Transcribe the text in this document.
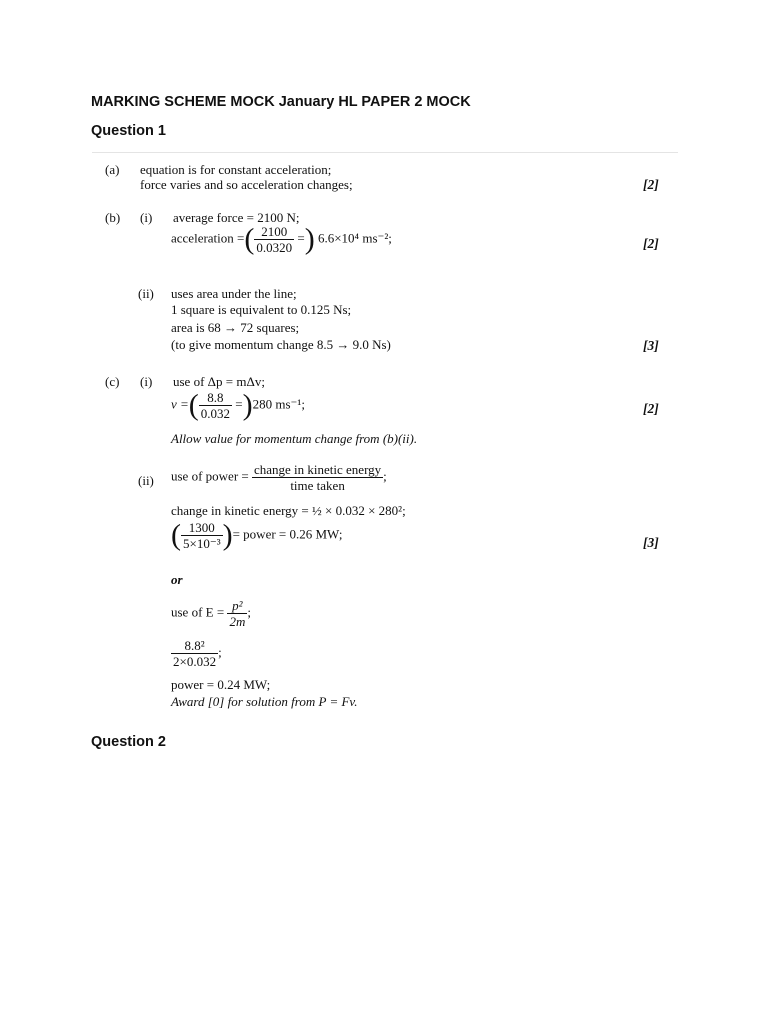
MARKING SCHEME MOCK January HL PAPER 2 MOCK
Question 1
(a) equation is for constant acceleration;
force varies and so acceleration changes;	[2]
(b) (i) average force = 2100 N;
acceleration =( $\frac{2100}{0.0320}$ =) 6.6×10⁴ ms⁻²;	[2]
(ii) uses area under the line;
1 square is equivalent to 0.125 Ns;
area is 68 → 72 squares;
(to give momentum change 8.5 → 9.0 Ns)	[3]
(c) (i) use of Δp = mΔv;
v =( $\frac{8.8}{0.032} =)280$ ms⁻¹;	[2]
Allow value for momentum change from (b)(ii).
(ii) use of power = $\frac{\text{change in kinetic energy}}{\text{time taken}}$ ;
change in kinetic energy = ½ × 0.032 × 280²;
( $\frac{1300}{\text{5×10⁻³}}$ )= power = 0.26 MW;
[3]
or
use of $E = \frac{\text{p²}}{2m}$ ;
$\frac{\text{8.8²}}{2\times 0.032}$ ;
power = 0.24 MW;
Award [0] for solution from P = Fv.
Question 2
